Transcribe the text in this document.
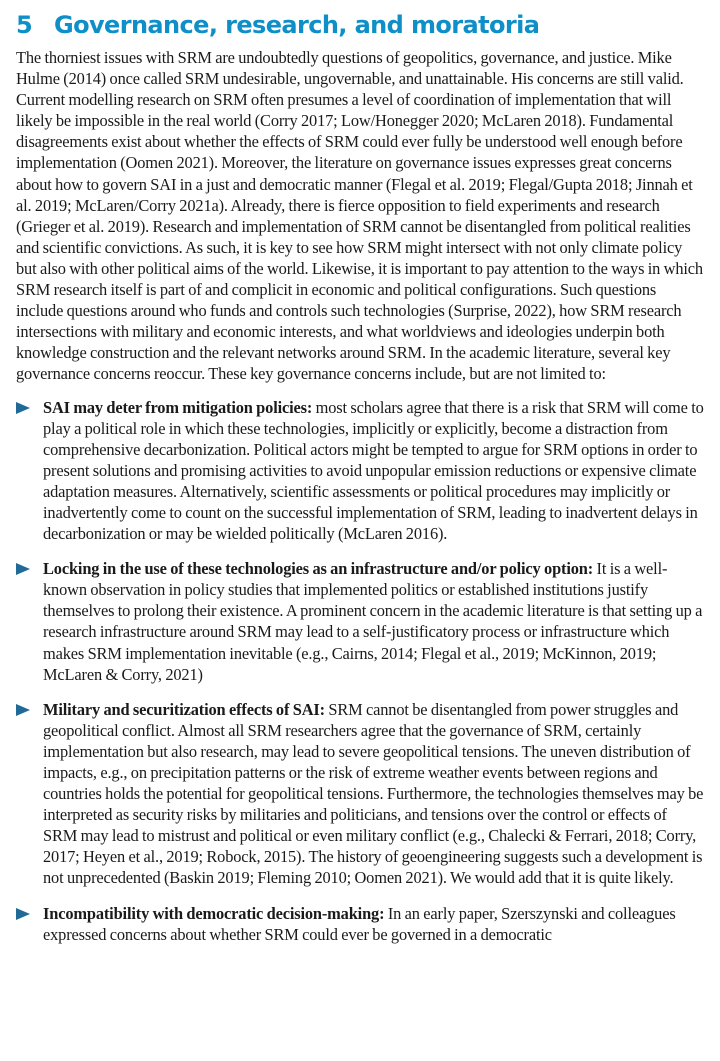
5 Governance, research, and moratoria

The thorniest issues with SRM are undoubtedly questions of geopolitics, governance, and justice. Mike Hulme (2014) once called SRM undesirable, ungovernable, and unattainable. His concerns are still valid. Current modelling research on SRM often presumes a level of coordination of implementation that will likely be impossible in the real world (Corry 2017; Low/Honegger 2020; McLaren 2018). Fundamental disagreements exist about whether the effects of SRM could ever fully be understood well enough before implementation (Oomen 2021). Moreover, the literature on governance issues expresses great concerns about how to govern SAI in a just and democratic manner (Flegal et al. 2019; Flegal/Gupta 2018; Jinnah et al. 2019; McLaren/Corry 2021a). Already, there is fierce opposition to field experiments and research (Grieger et al. 2019). Research and implementation of SRM cannot be disentangled from political realities and scientific convictions. As such, it is key to see how SRM might intersect with not only climate policy but also with other political aims of the world. Likewise, it is important to pay attention to the ways in which SRM research itself is part of and complicit in economic and political configurations. Such questions include questions around who funds and controls such technologies (Surprise, 2022), how SRM research intersections with military and economic interests, and what worldviews and ideologies underpin both knowledge construction and the relevant networks around SRM. In the academic literature, several key governance concerns reoccur. These key governance concerns include, but are not limited to:

SAI may deter from mitigation policies: most scholars agree that there is a risk that SRM will come to play a political role in which these technologies, implicitly or explicitly, become a distraction from comprehensive decarbonization. Political actors might be tempted to argue for SRM options in order to present solutions and promising activities to avoid unpopular emission reductions or expensive climate adaptation measures. Alternatively, scientific assessments or political procedures may implicitly or inadvertently come to count on the successful implementation of SRM, leading to inadvertent delays in decarbonization or may be wielded politically (McLaren 2016).
Locking in the use of these technologies as an infrastructure and/or policy option: It is a well-known observation in policy studies that implemented politics or established institutions justify themselves to prolong their existence. A prominent concern in the academic literature is that setting up a research infrastructure around SRM may lead to a self-justificatory process or infrastructure which makes SRM implementation inevitable (e.g., Cairns, 2014; Flegal et al., 2019; McKinnon, 2019; McLaren & Corry, 2021)
Military and securitization effects of SAI: SRM cannot be disentangled from power struggles and geopolitical conflict. Almost all SRM researchers agree that the governance of SRM, certainly implementation but also research, may lead to severe geopolitical tensions. The uneven distribution of impacts, e.g., on precipitation patterns or the risk of extreme weather events between regions and countries holds the potential for geopolitical tensions. Furthermore, the technologies themselves may be interpreted as security risks by militaries and politicians, and tensions over the control or effects of SRM may lead to mistrust and political or even military conflict (e.g., Chalecki & Ferrari, 2018; Corry, 2017; Heyen et al., 2019; Robock, 2015). The history of geoengineering suggests such a development is not unprecedented (Baskin 2019; Fleming 2010; Oomen 2021). We would add that it is quite likely.
Incompatibility with democratic decision-making: In an early paper, Szerszynski and colleagues expressed concerns about whether SRM could ever be governed in a democratic
